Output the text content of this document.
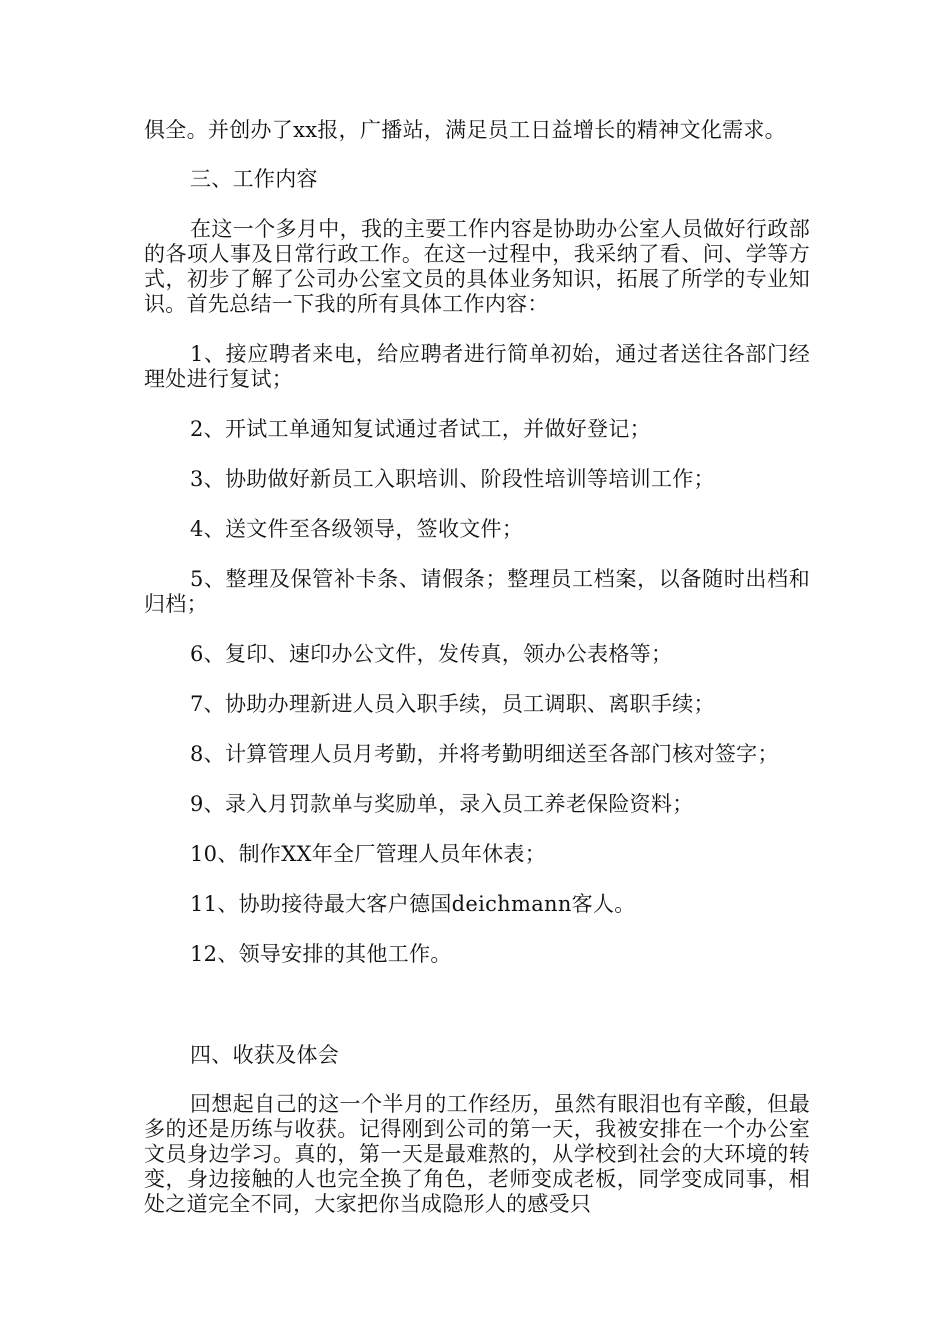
俱全。并创办了xx报，广播站，满足员工日益增长的精神文化需求。

三、工作内容

在这一个多月中，我的主要工作内容是协助办公室人员做好行政部的各项人事及日常行政工作。在这一过程中，我采纳了看、问、学等方式，初步了解了公司办公室文员的具体业务知识，拓展了所学的专业知识。首先总结一下我的所有具体工作内容：

1、接应聘者来电，给应聘者进行简单初始，通过者送往各部门经理处进行复试；

2、开试工单通知复试通过者试工，并做好登记；

3、协助做好新员工入职培训、阶段性培训等培训工作；

4、送文件至各级领导，签收文件；

5、整理及保管补卡条、请假条；整理员工档案，以备随时出档和归档；

6、复印、速印办公文件，发传真，领办公表格等；

7、协助办理新进人员入职手续，员工调职、离职手续；

8、计算管理人员月考勤，并将考勤明细送至各部门核对签字；

9、录入月罚款单与奖励单，录入员工养老保险资料；

10、制作XX年全厂管理人员年休表；

11、协助接待最大客户德国deichmann客人。

12、领导安排的其他工作。

四、收获及体会

回想起自己的这一个半月的工作经历，虽然有眼泪也有辛酸，但最多的还是历练与收获。记得刚到公司的第一天，我被安排在一个办公室文员身边学习。真的，第一天是最难熬的，从学校到社会的大环境的转变，身边接触的人也完全换了角色，老师变成老板，同学变成同事，相处之道完全不同，大家把你当成隐形人的感受只
